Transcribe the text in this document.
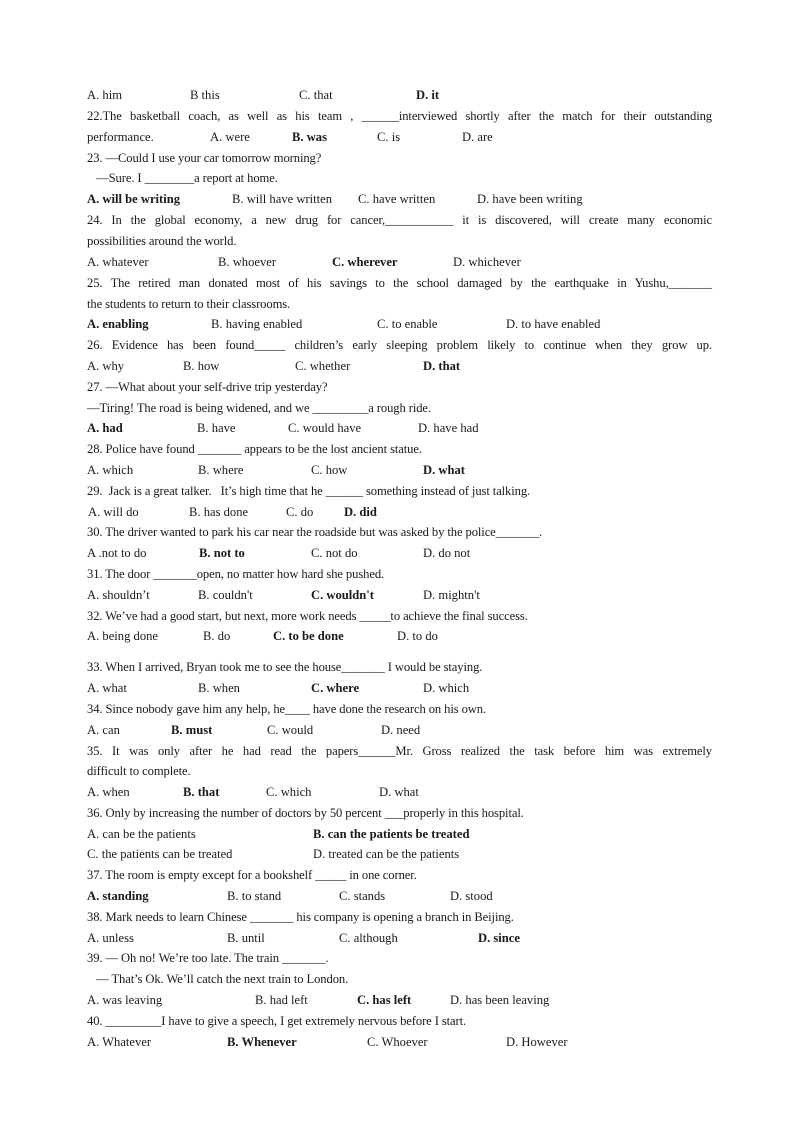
A. him	B this	C. that	D. it
22.The basketball coach, as well as his team , ______interviewed shortly after the match for their outstanding
performance.	A. were	B. was	C. is	D. are
23. —Could I use your car tomorrow morning?
—Sure. I ________a report at home.
A. will be writing	B. will have written C. have written	D. have been writing
24. In the global economy, a new drug for cancer,___________ it is discovered, will create many economic
possibilities around the world.
A. whatever	B. whoever	C. wherever	D. whichever
25. The retired man donated most of his savings to the school damaged by the earthquake in Yushu,_______
the students to return to their classrooms.
A. enabling	B. having enabled	C. to enable	D. to have enabled
26. Evidence has been found_____ children’s early sleeping problem likely to continue when they grow up.
A. why	B. how	C. whether	D. that
27. —What about your self-drive trip yesterday?
—Tiring! The road is being widened, and we _________a rough ride.
A. had	B. have	C. would have	D. have had
28. Police have found _______ appears to be the lost ancient statue.
A. which	B. where	C. how	D. what
29.  Jack is a great talker.   It’s high time that he ______ something instead of just talking.
A. will do	B. has done	C. do D. did
30. The driver wanted to park his car near the roadside but was asked by the police_______.
A .not to do	B. not to	C. not do	D. do not
31. The door _______open, no matter how hard she pushed.
A. shouldn’t	B. couldn't	C. wouldn't	D. mightn't
32. We’ve had a good start, but next, more work needs _____to achieve the final success.
A. being done	B. do	C. to be done	D. to do
33. When I arrived, Bryan took me to see the house_______ I would be staying.
A. what	B. when	C. where	D. which
34. Since nobody gave him any help, he____ have done the research on his own.
A. can	B. must	C. would	D. need
35. It was only after he had read the papers______Mr. Gross realized the task before him was extremely
difficult to complete.
A. when	B. that	C. which	D. what
36. Only by increasing the number of doctors by 50 percent ___properly in this hospital.
A. can be the patients	B. can the patients be treated
C. the patients can be treated	D. treated can be the patients
37. The room is empty except for a bookshelf _____ in one corner.
A. standing	B. to stand	C. stands	D. stood
38. Mark needs to learn Chinese _______ his company is opening a branch in Beijing.
A. unless	B. until	C. although	D. since
39. — Oh no! We’re too late. The train _______.
— That’s Ok. We’ll catch the next train to London.
A. was leaving	B. had left	C. has left	D. has been leaving
40. _________I have to give a speech, I get extremely nervous before I start.
A. Whatever	B. Whenever	C. Whoever	D. However
